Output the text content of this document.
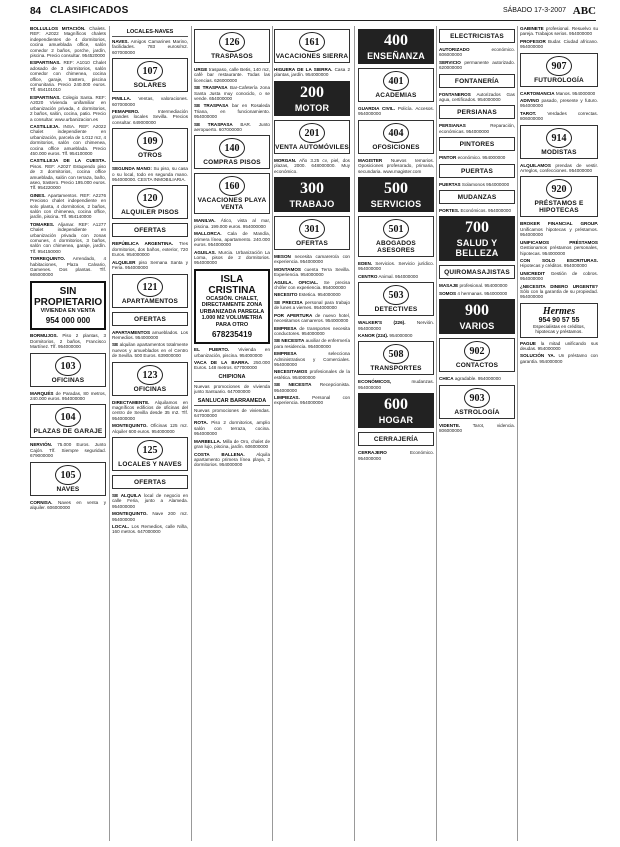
84 CLASIFICADOS	SÁBADO 17-3-2007 ABC

BOLLULLOS MITACIÓN. Chalets. REF: A2022 Magníficos chalets independientes de 4 dormitorios, cocina amueblada office, salón comedor 2 baños, porche, jardín, piscina. Precio consultar. 954520000

ESPARTINAS. REF: A1010 Chalet adosado de 3 dormitorios, salón comedor con chimenea, cocina office, garaje, trastero, piscina comunitaria. Precio 240.000 euros. Tlf. 654101010

ESPARTINAS. Colegio Santa. REF: A2020 Vivienda unifamiliar en urbanización privada, 4 dormitorios, 2 baños, salón, cocina, patio. Precio a consultar. www.urbanizacion.es

CASTILLEJA. INSA. REF: A2022 Chalet independiente en urbanización, parcela de 1.012 m2, 4 dormitorios, salón con chimenea, cocina office amueblada. Precio 450.000 euros. Tlf. 954100000

CASTILLEJA DE LA CUESTA. Pisos. REF: A2027 Estupendo piso de 3 dormitorios, cocina office amueblada, salón con terraza, baño, aseo, trastero. Precio 195.000 euros. Tlf. 954220000

GINES. Apartamentos. REF: A2276 Precioso chalet independiente en solo planta, 4 dormitorios, 2 baños, salón con chimenea, cocina office, jardín, piscina. Tlf. 954140000

TOMARES. Aljamar. REF: A1277 Chalet independiente en urbanización privada con zonas comunes, 4 dormitorios, 3 baños, salón con chimenea, garaje, jardín. Tlf. 954150000

TORREQUINTO. Arrendado, 4 habitaciones, Plaza Calvario, Gamenes. Dos plantas. Tlf. 665000000

SIN PROPIETARIO
VIVIENDA EN VENTA
954 000 000

BORMUJOS. Piso 2 plantas, 3 Dormitorios, 2 baños, Francisco Martínez. Tlf. 954000000

103
OFICINAS

MARQUÉS de Paradas, 80 metros, 240.000 euros. 954000000

104
PLAZAS DE GARAJE

NERVIÓN. 75.000 Euros. Junto Cajón. Tlf. Siempre seguridad. 679000000

105
NAVES

CORNISA. Naves en venta y alquiler. 606000000

LOCALES-NAVES

NAVES. Amigos Camarines Marino, facilidades. 783 euros/m2. 607000000

107
SOLARES

PINILLA. Ventas, valoraciones. 607000000

FEMAPERO.	Intermediación grandes locales Sevilla. Precios consultar. 649000000

109
OTROS

SEGUNDA MANO: Su piso, su casa o su local, todo en segunda mano. 954000000. CESTA INMOBILIARIA.

120
ALQUILER PISOS
OFERTAS

REPÚBLICA ARGENTINA. Tres dormitorios, dos baños, exterior, 720 Euros. 954000000

ALQUILER piso Semana Santa y Feria. 954000000

121
APARTAMENTOS
OFERTAS

APARTAMENTOS amueblados. Los Remedios. 954000000

SE alquilan apartamentos totalmente nuevos y amueblados en el Centro de Sevilla. 500 Euros. 639000000

123
OFICINAS

DIRECTAMENTE. Alquilamos en magníficos edificios de oficinas del centro de Sevilla desde 35 m2. Tlf. 954000000

MONTEQUINTO. Oficinas 125 m2. Alquiler 600 euros. 954000000

125
LOCALES Y NAVES
OFERTAS

SE ALQUILA local de negocio en calle Feria, junto a Alameda. 954000000

MONTEQUINTO. Nave 200 m2. 954000000

LOCAL. Los Remedios, calle Niña, 160 metros. 647000000

126
TRASPASOS

URGE traspaso, calle Betis, 140 m2, café bar restaurante. Todas las licencias. 626000000

SE TRASPASA Bar-Cafetería zona Santa Justa muy conocido, o se vende. 654000000

SE TRASPASA bar en Rosaleda Triana, en funcionamiento. 954000000

SE TRASPASA BAR. Junto aeropuerto. 607000000

140
COMPRAS PISOS
160
VACACIONES PLAYA VENTA

MANILVA. Ático, vista al mar, piscina. 199.000 euros. 954000000

MALLORCA. Cala de Mandía, primera línea, apartamento. 240.000 euros. 954000000

AGUILAS. Murcia. Urbanización La Loma, pisos de 2 dormitorios. 954000000

ISLA CRISTINA
OCASIÓN. CHALET, DIRECTAMENTE ZONA URBANIZADA PAREGLA 1.000 M2 VOLUMETRIA PARA OTRO
678235419

EL PUERTO. Vivienda en urbanización, piscina. 954000000

VACA DE LA BARRA. 250.000 Euros. 148 metros. 677000000

CHIPIONA

Nuevas promociones de vivienda junto Santuario. 647000000

SANLUCAR BARRAMEDA

Nuevas promociones de viviendas. 647000000

ROTA. Piso 2 dormitorios, amplio salón con terraza, cocina. 954000000

MARBELLA. Milla de Oro, chalet de gran lujo, piscina, jardín. 606000000

COSTA BALLENA.	Alquila apartamento primera línea playa, 2 dormitorios. 954000000

161
VACACIONES SIERRA

HIGUERA DE LA SIERRA. Casa 2 plantas, jardín. 954000000

200
MOTOR
201
VENTA AUTOMÓVILES

MORGAN. Año 3.25 cv, piel, dos plazas, 2000. 648000000. Muy económico.

300
TRABAJO
301
OFERTAS

MESON necesita camarero/a con experiencia. 954000000

MONTAMOS cuenta Terra Sevilla. Experiencia. 954000000

AGUILA. OFICIAL. Se precisa chófer con experiencia. 954000000

NECESITO Estetica. 954000000

SE PRECISA personal para trabajo de lunes a viernes. 954000000

POR APERTURA de nuevo hotel, necesitamos camareros. 954000000

EMPRESA de transportes necesita conductores. 954000000

SE NECESITA auxiliar de enfermería para residencia. 954000000

EMPRESA	selecciona Administrativos y Comerciales. 954000000

NECESITAMOS profesionales de la estética. 954000000

SE NECESITA Recepcionista. 954000000

LIMPIEZAS.	Personal con experiencia. 954000000

400
ENSEÑANZA
401
ACADEMIAS

GUARDIA CIVIL. Policía. Accesos. 954000000

404
OFOSICIONES

MAGISTER Nuevos temarios. Oposiciones profesorado, primaria, secundaria. www.magister.com

500
SERVICIOS
501
ABOGADOS ASESORES

EDEN. Servicios. Servicio jurídico. 954000000

CENTRO Animal. 954000000

503
DETECTIVES

WALKER'S (226). Nervión. 954000000

KANOR (224). 954000000

508
TRANSPORTES

ECONÓMICOS,	mudanzas. 954000000

600
HOGAR
CERRAJERÍA

CERRAJERO	Económico. 954000000

ELECTRICISTAS

AUTORIZADO	económico. 606000000

SERVICIO permanente autorizado. 620000000

FONTANERÍA

FONTANEROS Autorizados Gas agua, certificados. 954000000

PERSIANAS

PERSIANAS	Reparación, económicas. 954000000

PINTORES

PINTOR económico. 954000000

PUERTAS

PUERTAS Solamonos 954000000

MUDANZAS

PORTES. Económicos. 954000000

700
SALUD Y BELLEZA
QUIROMASAJISTAS

MASAJE profesional. 954000000

SOMOS 4 hermanas. 954000000

900
VARIOS
902
CONTACTOS

CHICA agradable. 954000000

903
ASTROLOGÍA

VIDENTE.	Tarot, videncia. 806000000

GABINETE profesional. Resuelvo su pareja. Trabajos serios. 954000000

PROFESOR Budar. Ciudad africano. 954000000

907
FUTUROLOGÍA

CARTOMANCIA Manos. 954000000

ADIVINO pasado, presente y futuro. 954000000

TAROT. Verdades correctas. 806000000

914
MODISTAS

ALQUILAMOS prendas de vestir. Arreglos, confecciones. 954000000

920
PRÉSTAMOS E HIPOTECAS

BROKER FINANCIAL GROUP. Unificamos hipotecas y préstamos. 954000000

UNIFICAMOS PRÉSTAMOS Gestionamos préstamos personales, hipotecas. 954000000

CON SOLO ESCRITURAS. Hipotecas y créditos. 954000000

UNICREDIT Gestión de cobros. 954000000

¿NECESITA DINERO URGENTE? Sólo con la garantía de su propiedad. 954000000

Hermes
954 90 57 55
Especialistas en créditos, hipotecas y préstamos.

PAGUE la mitad unificando sus deudas. 954000000

SOLUCIÓN YA. Un préstamo con garantía. 954000000
